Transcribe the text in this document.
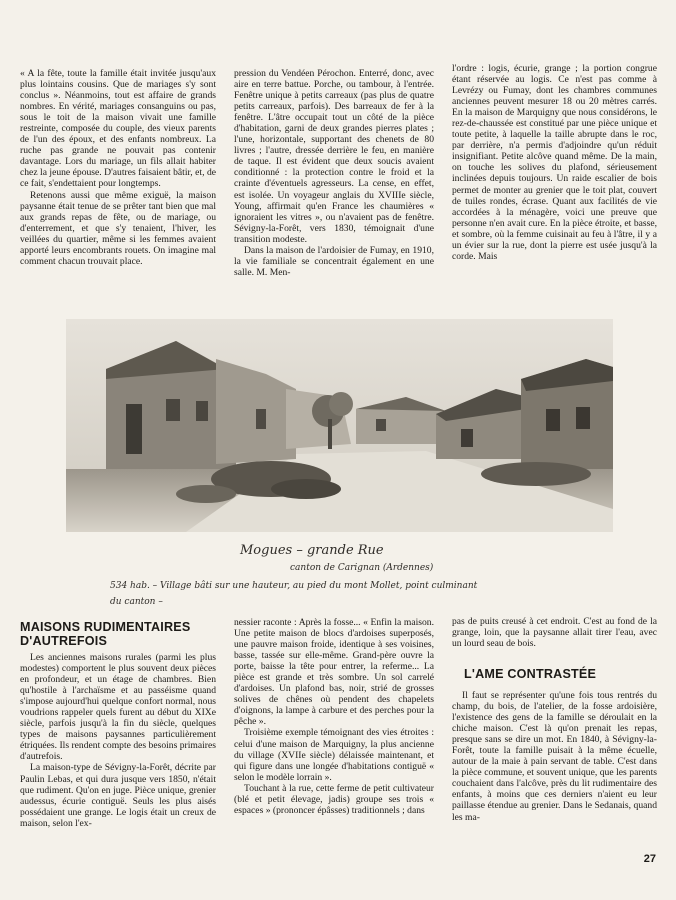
« A la fête, toute la famille était invitée jusqu'aux plus lointains cousins. Que de mariages s'y sont conclus ». Néanmoins, tout est affaire de grands nombres. En vérité, mariages consanguins ou pas, sous le toit de la maison vivait une famille restreinte, composée du couple, des vieux parents de l'un des époux, et des enfants nombreux. La ruche pas grande ne pouvait pas contenir davantage. Lors du mariage, un fils allait habiter chez la jeune épouse. D'autres faisaient bâtir, et, de ce fait, s'endettaient pour longtemps.

Retenons aussi que même exiguë, la maison paysanne était tenue de se prêter tant bien que mal aux grands repas de fête, ou de mariage, ou d'enterrement, et que s'y tenaient, l'hiver, les veillées du quartier, même si les femmes avaient apporté leurs encombrants rouets. On imagine mal comment chacun trouvait place.

pression du Vendéen Pérochon. Enterré, donc, avec aire en terre battue. Porche, ou tambour, à l'entrée. Fenêtre unique à petits carreaux (pas plus de quatre petits carreaux, parfois). Des barreaux de fer à la fenêtre. L'âtre occupait tout un côté de la pièce d'habitation, garni de deux grandes pierres plates ; l'une, horizontale, supportant des chenets de 80 livres ; l'autre, dressée derrière le feu, en manière de taque. Il est évident que deux soucis avaient conditionné : la protection contre le froid et la crainte d'éventuels agresseurs. La cense, en effet, est isolée. Un voyageur anglais du XVIIIe siècle, Young, affirmait qu'en France les chaumières « ignoraient les vitres », ou n'avaient pas de fenêtre. Sévigny-la-Forêt, vers 1830, témoignait d'une transition modeste.

Dans la maison de l'ardoisier de Fumay, en 1910, la vie familiale se concentrait également en une salle. M. Men-

l'ordre : logis, écurie, grange ; la portion congrue étant réservée au logis. Ce n'est pas comme à Levrézy ou Fumay, dont les chambres communes anciennes peuvent mesurer 18 ou 20 mètres carrés. En la maison de Marquigny que nous considérons, le rez-de-chaussée est constitué par une pièce unique et toute petite, à laquelle la taille abrupte dans le roc, par derrière, n'a permis d'adjoindre qu'un réduit insignifiant. Petite alcôve quand même. De la main, on touche les solives du plafond, sérieusement inclinées depuis toujours. Un raide escalier de bois permet de monter au grenier que le toit plat, couvert de tuiles rondes, écrase. Quant aux facilités de vie accordées à la ménagère, voici une preuve que personne n'en avait cure. En la pièce étroite, et basse, et sombre, où la femme cuisinait au feu à l'âtre, il y a un évier sur la rue, dont la pierre est usée jusqu'à la corde. Mais

Mogues – grande Rue
canton de Carignan (Ardennes)
534 hab. – Village bâti sur une hauteur, au pied du mont Mollet, point culminant
du canton –
MAISONS RUDIMENTAIRES D'AUTREFOIS

Les anciennes maisons rurales (parmi les plus modestes) comportent le plus souvent deux pièces en profondeur, et un étage de chambres. Bien qu'hostile à l'archaïsme et au passéisme quand s'impose aujourd'hui quelque confort normal, nous voudrions rappeler quels furent au début du XIXe siècle, parfois jusqu'à la fin du siècle, quelques types de maisons paysannes particulièrement étriquées. Ils rendent compte des besoins primaires d'autrefois.

La maison-type de Sévigny-la-Forêt, décrite par Paulin Lebas, et qui dura jusque vers 1850, n'était que rudiment. Qu'on en juge. Pièce unique, grenier audessus, écurie contiguë. Seuls les plus aisés possédaient une grange. Le logis était un creux de maison, selon l'ex-

nessier raconte : Après la fosse... « Enfin la maison. Une petite maison de blocs d'ardoises superposés, une pauvre maison froide, identique à ses voisines, basse, tassée sur elle-même. Grand-père ouvre la porte, baisse la tête pour entrer, la referme... La pièce est grande et très sombre. Un sol carrelé d'ardoises. Un plafond bas, noir, strié de grosses solives de chênes où pendent des chapelets d'oignons, la lampe à carbure et des perches pour la pêche ».

Troisième exemple témoignant des vies étroites : celui d'une maison de Marquigny, la plus ancienne du village (XVIIe siècle) délaissée maintenant, et qui figure dans une longée d'habitations contiguë « selon le modèle lorrain ».

Touchant à la rue, cette ferme de petit cultivateur (blé et petit élevage, jadis) groupe ses trois « espaces » (prononcer épâsses) traditionnels ; dans

pas de puits creusé à cet endroit. C'est au fond de la grange, loin, que la paysanne allait tirer l'eau, avec un lourd seau de bois.

L'AME CONTRASTÉE

Il faut se représenter qu'une fois tous rentrés du champ, du bois, de l'atelier, de la fosse ardoisière, l'existence des gens de la famille se déroulait en la chiche maison. C'est là qu'on prenait les repas, presque sans se dire un mot. En 1840, à Sévigny-la-Forêt, toute la famille puisait à la même écuelle, autour de la maie à pain servant de table. C'est dans la pièce commune, et souvent unique, que les parents couchaient dans l'alcôve, près du lit rudimentaire des enfants, à moins que ces derniers n'aient eu leur paillasse étendue au grenier. Dans le Sedanais, quand les ma-

27
